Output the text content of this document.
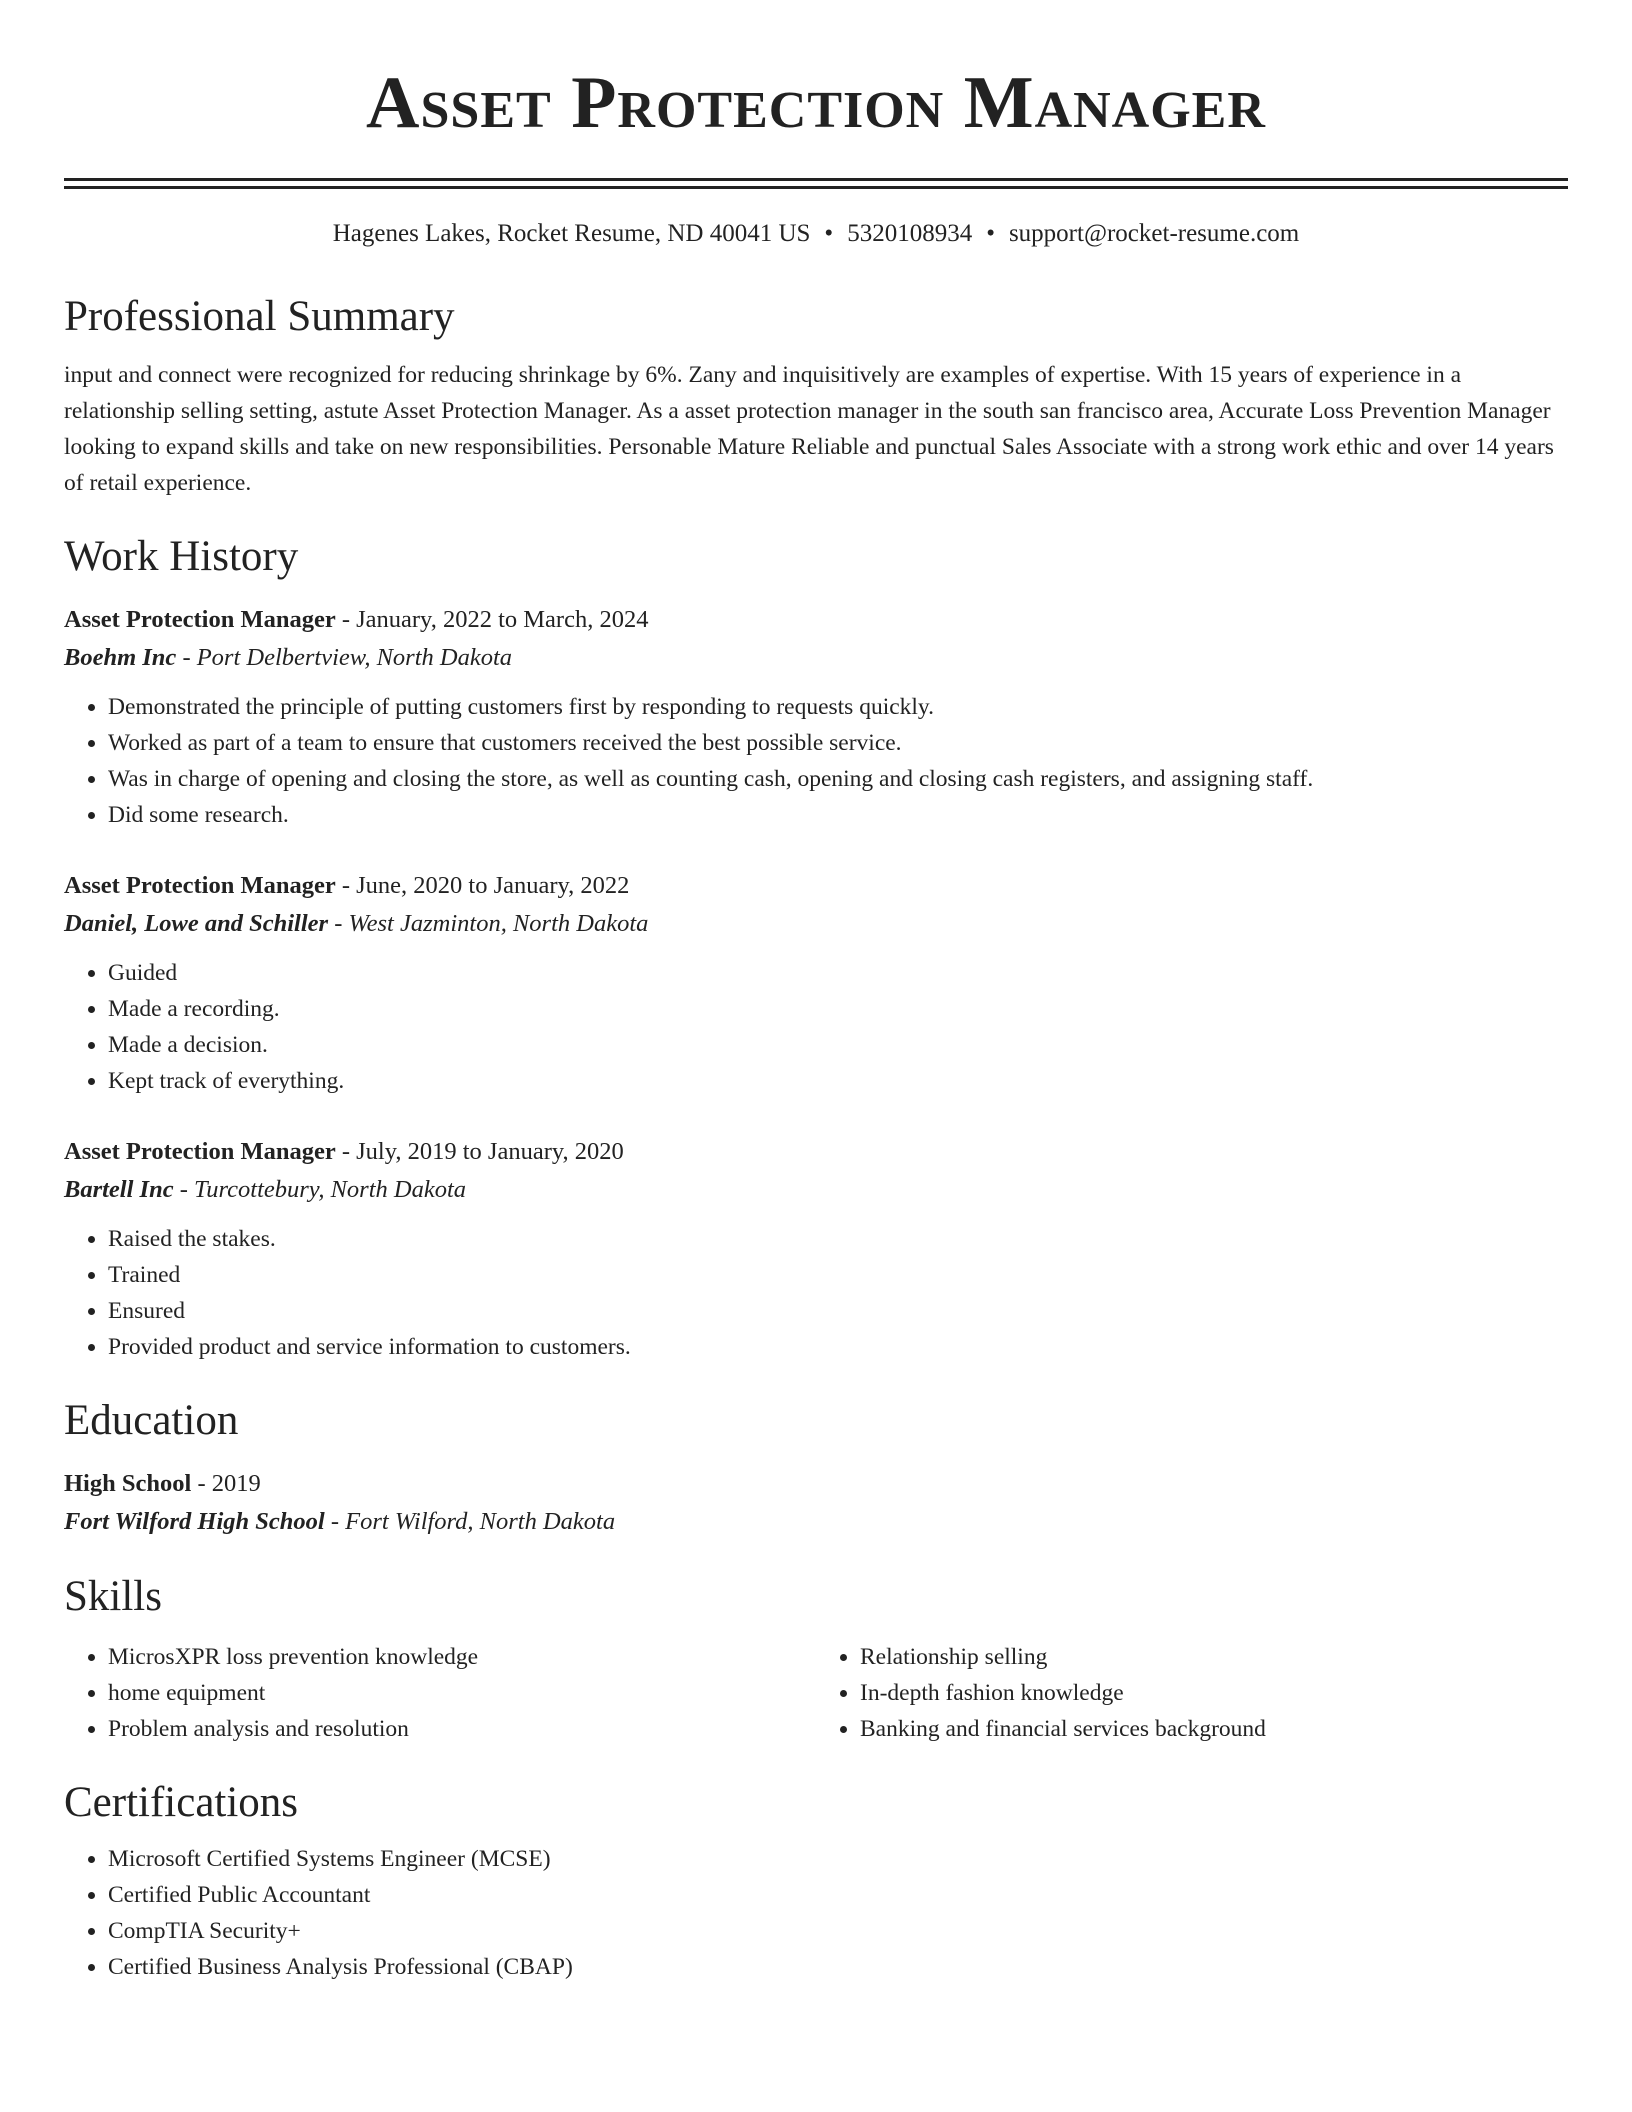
Asset Protection Manager
Hagenes Lakes, Rocket Resume, ND 40041 US • 5320108934 • support@rocket-resume.com
Professional Summary
input and connect were recognized for reducing shrinkage by 6%. Zany and inquisitively are examples of expertise. With 15 years of experience in a relationship selling setting, astute Asset Protection Manager. As a asset protection manager in the south san francisco area, Accurate Loss Prevention Manager looking to expand skills and take on new responsibilities. Personable Mature Reliable and punctual Sales Associate with a strong work ethic and over 14 years of retail experience.
Work History
Asset Protection Manager - January, 2022 to March, 2024
Boehm Inc - Port Delbertview, North Dakota
• Demonstrated the principle of putting customers first by responding to requests quickly.
• Worked as part of a team to ensure that customers received the best possible service.
• Was in charge of opening and closing the store, as well as counting cash, opening and closing cash registers, and assigning staff.
• Did some research.
Asset Protection Manager - June, 2020 to January, 2022
Daniel, Lowe and Schiller - West Jazminton, North Dakota
• Guided
• Made a recording.
• Made a decision.
• Kept track of everything.
Asset Protection Manager - July, 2019 to January, 2020
Bartell Inc - Turcottebury, North Dakota
• Raised the stakes.
• Trained
• Ensured
• Provided product and service information to customers.
Education
High School - 2019
Fort Wilford High School - Fort Wilford, North Dakota
Skills
• MicrosXPR loss prevention knowledge
• home equipment
• Problem analysis and resolution
• Relationship selling
• In-depth fashion knowledge
• Banking and financial services background
Certifications
• Microsoft Certified Systems Engineer (MCSE)
• Certified Public Accountant
• CompTIA Security+
• Certified Business Analysis Professional (CBAP)
